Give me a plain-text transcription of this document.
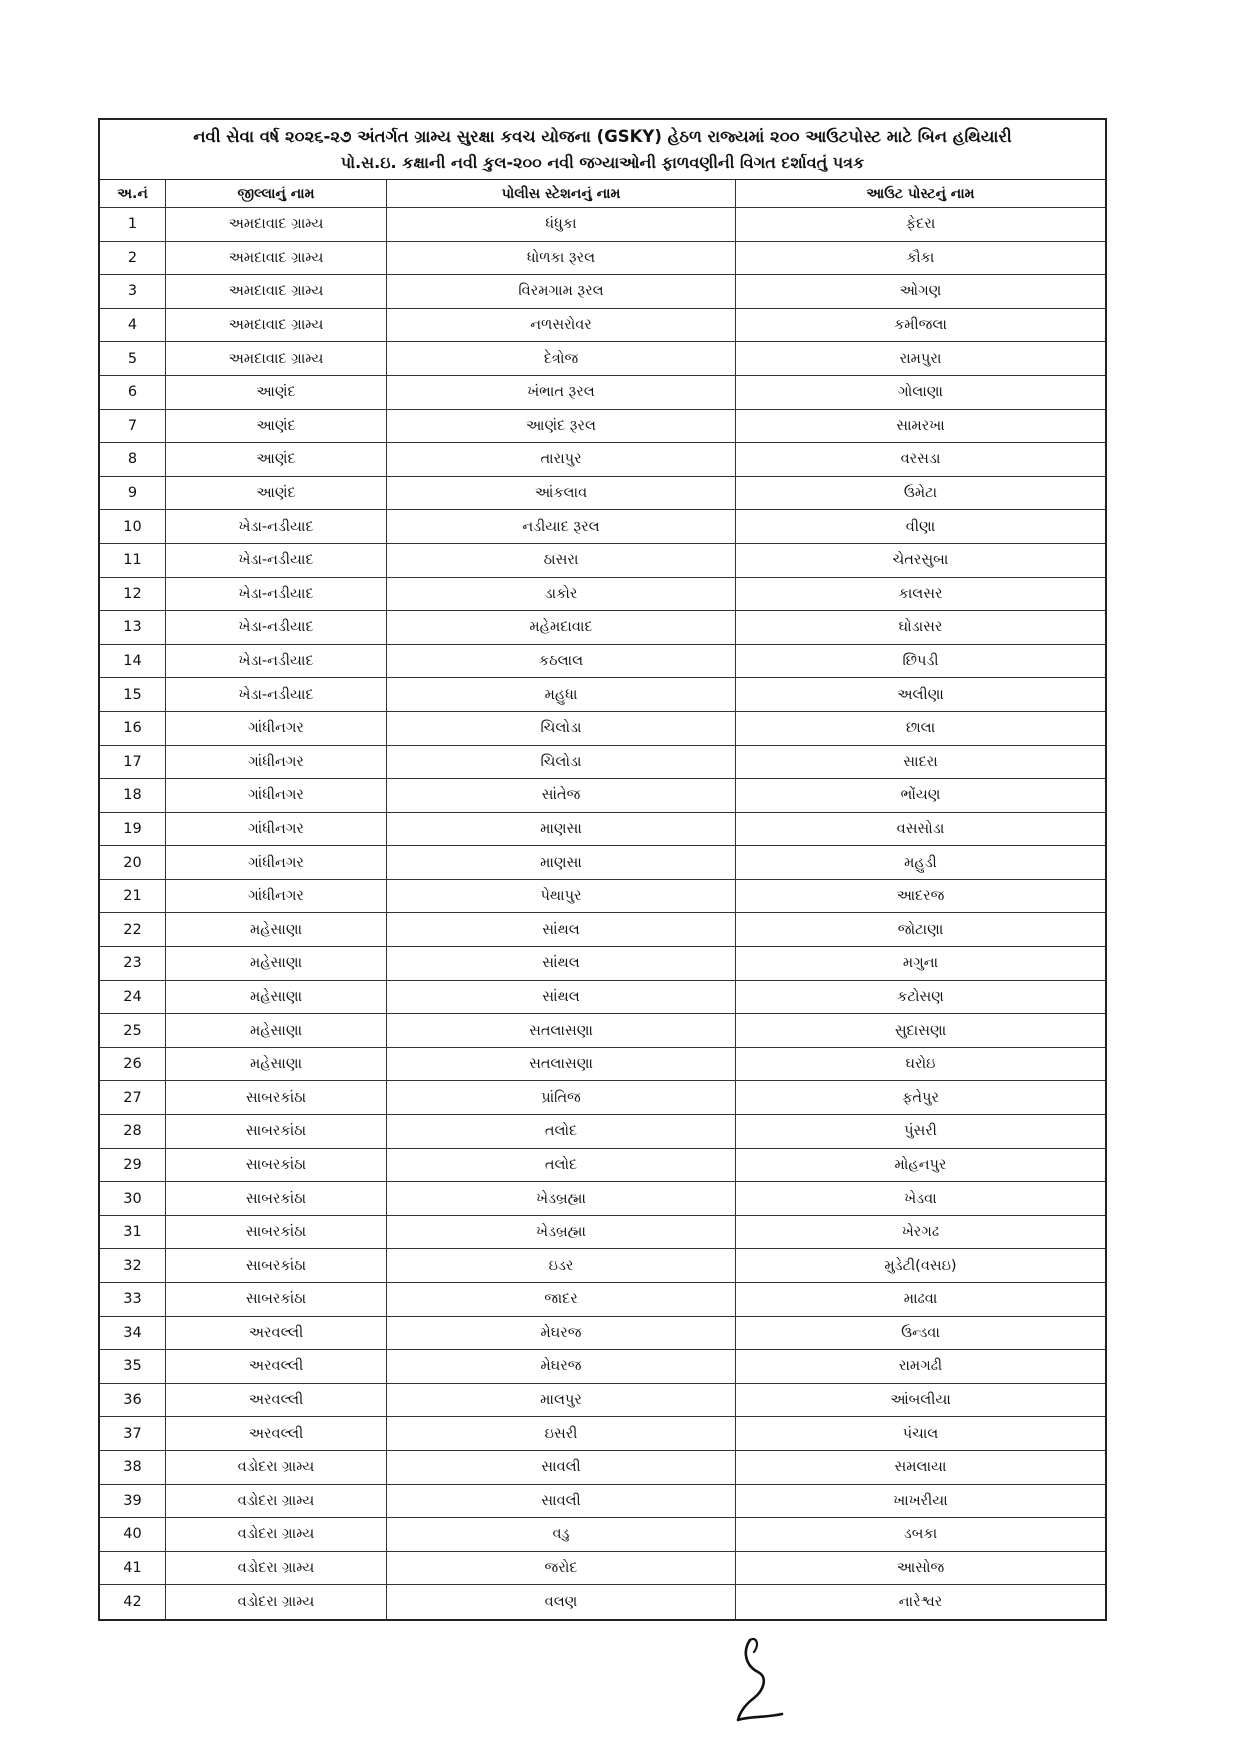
નવી સેવા વર્ષ ૨૦૨૬-૨૭ અંતર્ગત ગ્રામ્ય સુરક્ષા કવચ યોજના (GSKY) હેઠળ રાજ્યમાં ૨૦૦ આઉટપોસ્ટ માટે બિન હથિયારી
પો.સ.ઇ. કક્ષાની નવી કુલ-૨૦૦ નવી જગ્યાઓની ફાળવણીની વિગત દર્શાવતું પત્રક
અ.નં	જીલ્લાનું નામ	પોલીસ સ્ટેશનનું નામ	આઉટ પોસ્ટનું નામ
1	અમદાવાદ ગ્રામ્ય	ધંધુકા	ફેદરા
2	અમદાવાદ ગ્રામ્ય	ધોળકા રૂરલ	કૌકા
3	અમદાવાદ ગ્રામ્ય	વિરમગામ રૂરલ	ઓગણ
4	અમદાવાદ ગ્રામ્ય	નળસરોવર	કમીજલા
5	અમદાવાદ ગ્રામ્ય	દેત્રોજ	રામપુરા
6	આણંદ	ખંભાત રૂરલ	ગોલાણા
7	આણંદ	આણંદ રૂરલ	સામરખા
8	આણંદ	તારાપુર	વરસડા
9	આણંદ	આંકલાવ	ઉમેટા
10	ખેડા-નડીયાદ	નડીયાદ રૂરલ	વીણા
11	ખેડા-નડીયાદ	ઠાસરા	ચેતરસુબા
12	ખેડા-નડીયાદ	ડાકોર	કાલસર
13	ખેડા-નડીયાદ	મહેમદાવાદ	ઘોડાસર
14	ખેડા-નડીયાદ	કઠલાલ	છિપડી
15	ખેડા-નડીયાદ	મહુધા	અલીણા
16	ગાંધીનગર	ચિલોડા	છાલા
17	ગાંધીનગર	ચિલોડા	સાદરા
18	ગાંધીનગર	સાંતેજ	ભોંયણ
19	ગાંધીનગર	માણસા	વસસોડા
20	ગાંધીનગર	માણસા	મહુડી
21	ગાંધીનગર	પેથાપુર	આદરજ
22	મહેસાણા	સાંથલ	જોટાણા
23	મહેસાણા	સાંથલ	મગુના
24	મહેસાણા	સાંથલ	કટોસણ
25	મહેસાણા	સતલાસણા	સુદાસણા
26	મહેસાણા	સતલાસણા	ઘરોઇ
27	સાબરકાંઠા	પ્રાંતિજ	ફતેપુર
28	સાબરકાંઠા	તલોદ	પુંસરી
29	સાબરકાંઠા	તલોદ	મોહનપુર
30	સાબરકાંઠા	ખેડબ્રહ્મા	ખેડવા
31	સાબરકાંઠા	ખેડબ્રહ્મા	ખેરગઢ
32	સાબરકાંઠા	ઇડર	મુડેટી(વસઇ)
33	સાબરકાંઠા	જાદર	માઢવા
34	અરવલ્લી	મેઘરજ	ઉન્ડવા
35	અરવલ્લી	મેઘરજ	રામગઢી
36	અરવલ્લી	માલપુર	આંબલીયા
37	અરવલ્લી	ઇસરી	પંચાલ
38	વડોદરા ગ્રામ્ય	સાવલી	સમલાયા
39	વડોદરા ગ્રામ્ય	સાવલી	ખાખરીયા
40	વડોદરા ગ્રામ્ય	વડુ	ડબકા
41	વડોદરા ગ્રામ્ય	જરોદ	આસોજ
42	વડોદરા ગ્રામ્ય	વલણ	નારેશ્વર
